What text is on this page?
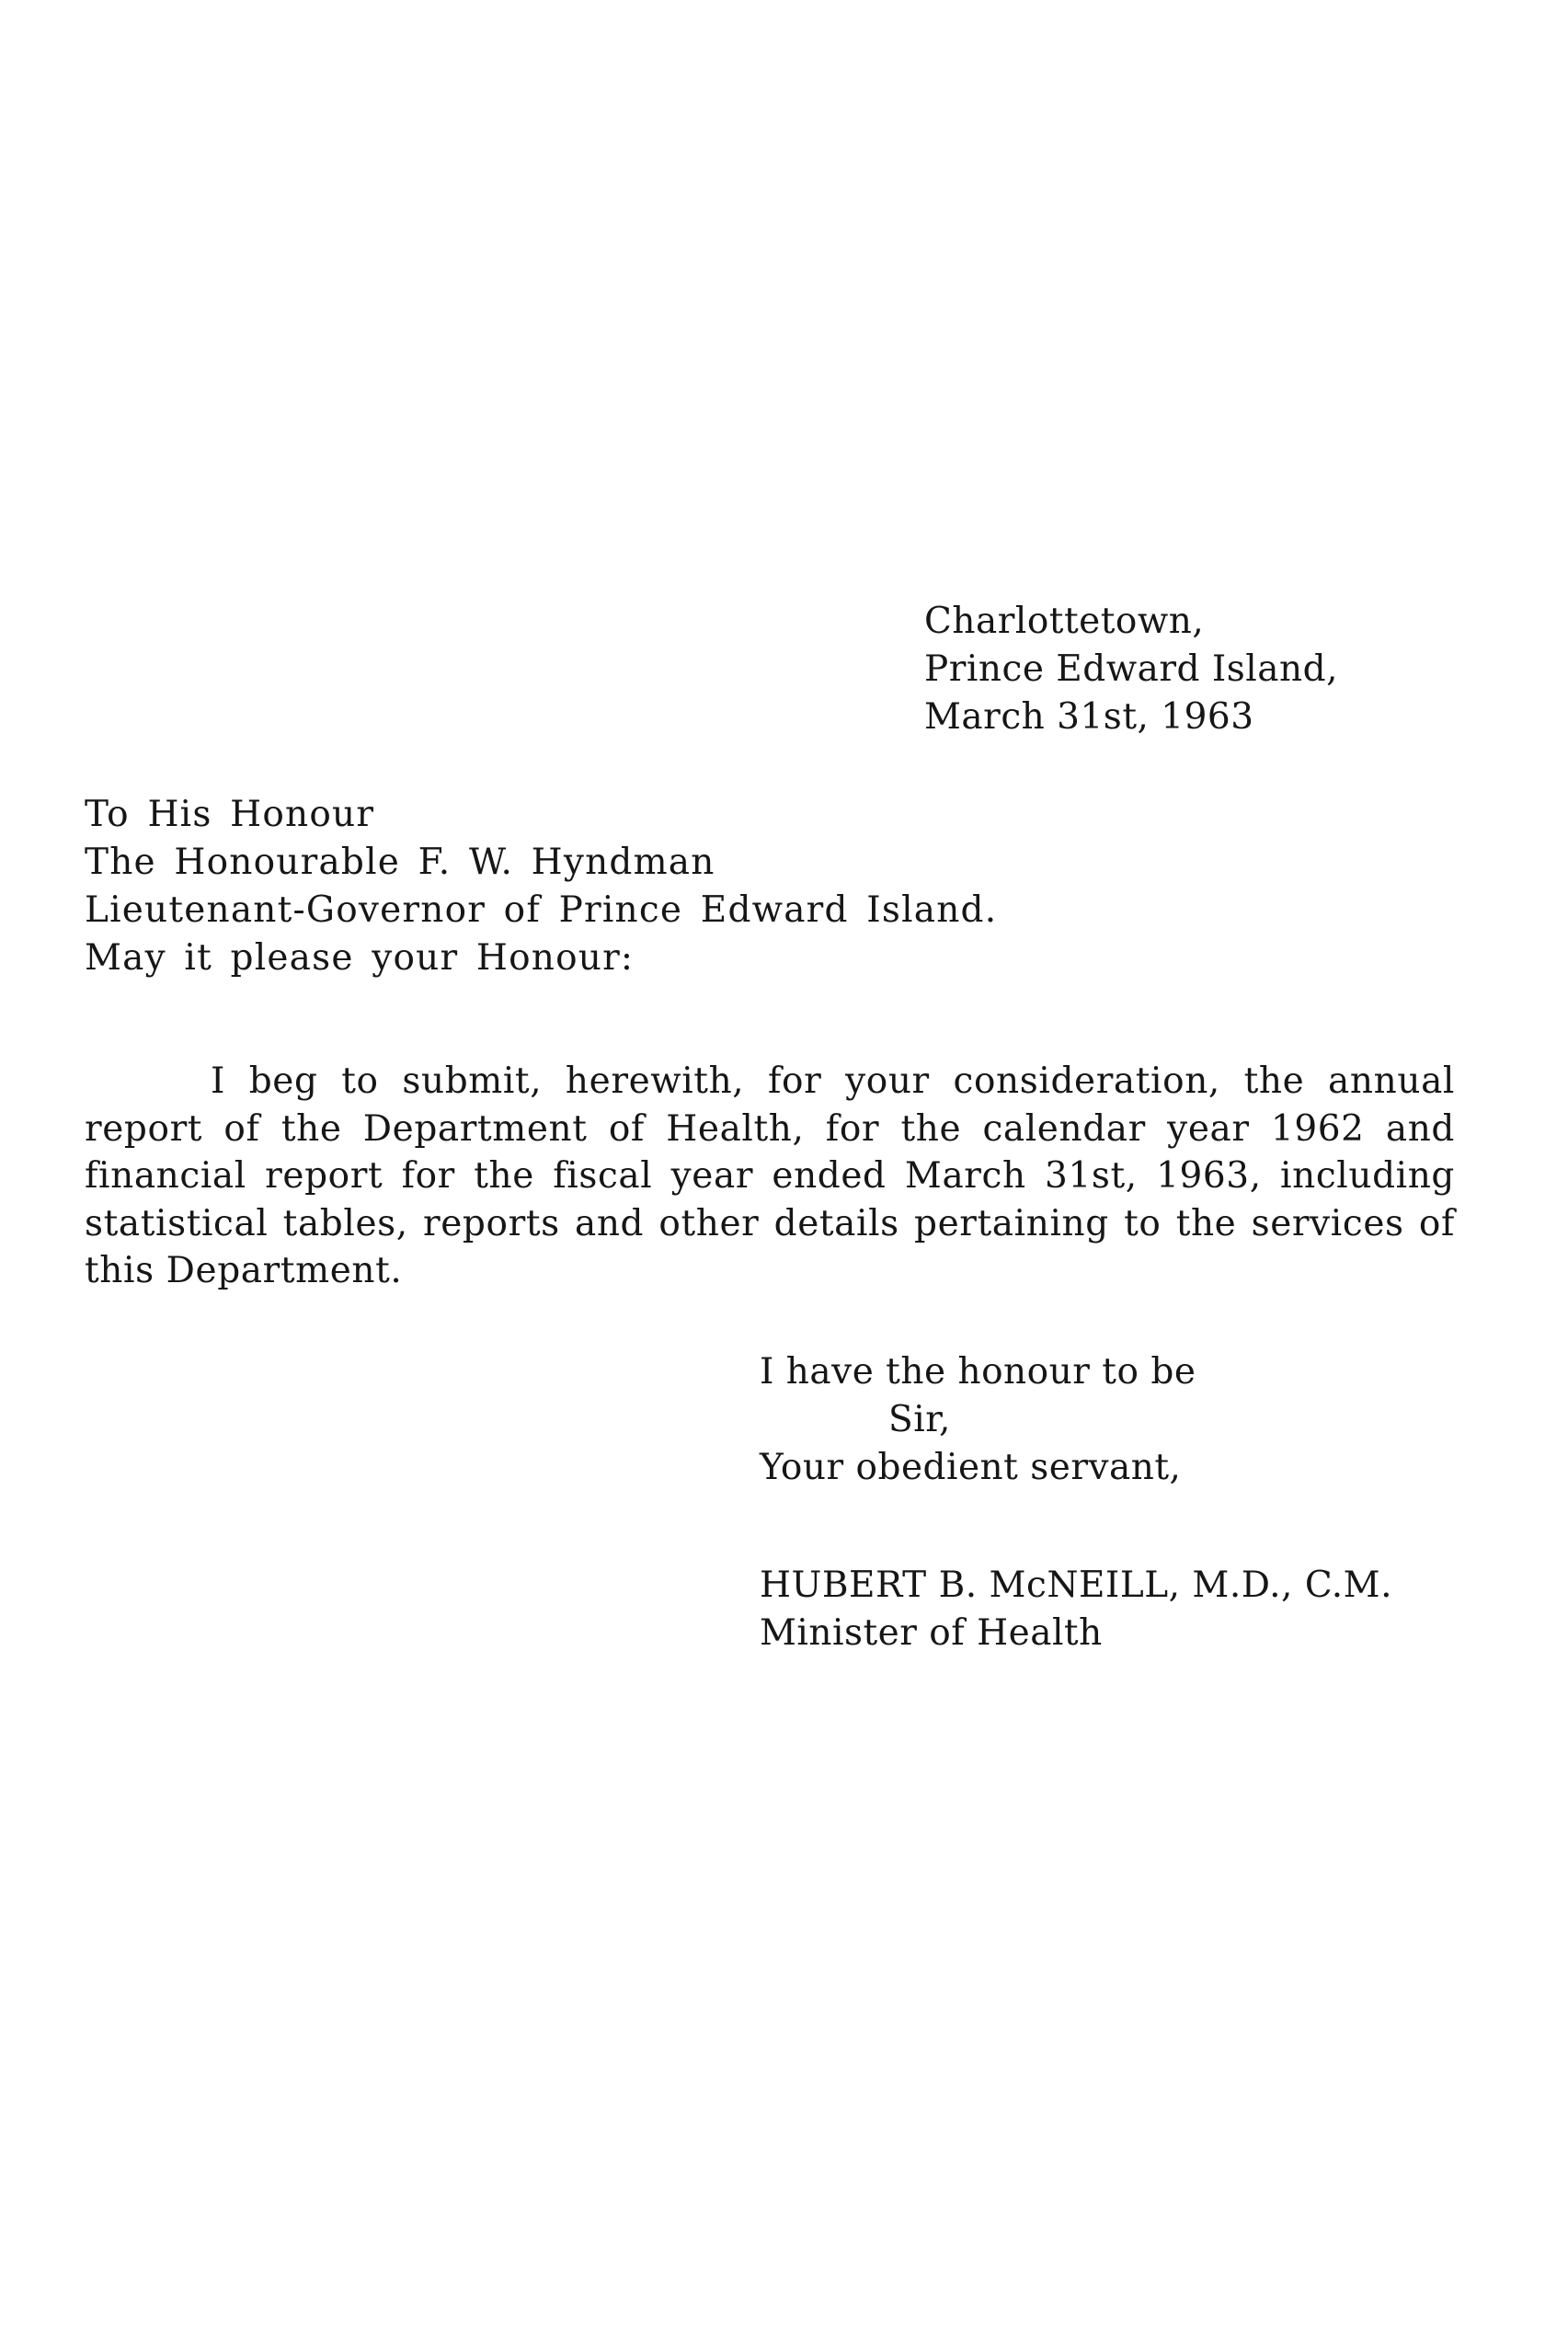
Charlottetown,
Prince Edward Island,
March 31st, 1963
To His Honour
The Honourable F. W. Hyndman
Lieutenant-Governor of Prince Edward Island.
May it please your Honour:
I beg to submit, herewith, for your consideration, the annual report of the Department of Health, for the calendar year 1962 and financial report for the fiscal year ended March 31st, 1963, including statistical tables, reports and other details pertaining to the services of this Department.
I have the honour to be
Sir,
Your obedient servant,
HUBERT B. McNEILL, M.D., C.M.
Minister of Health
